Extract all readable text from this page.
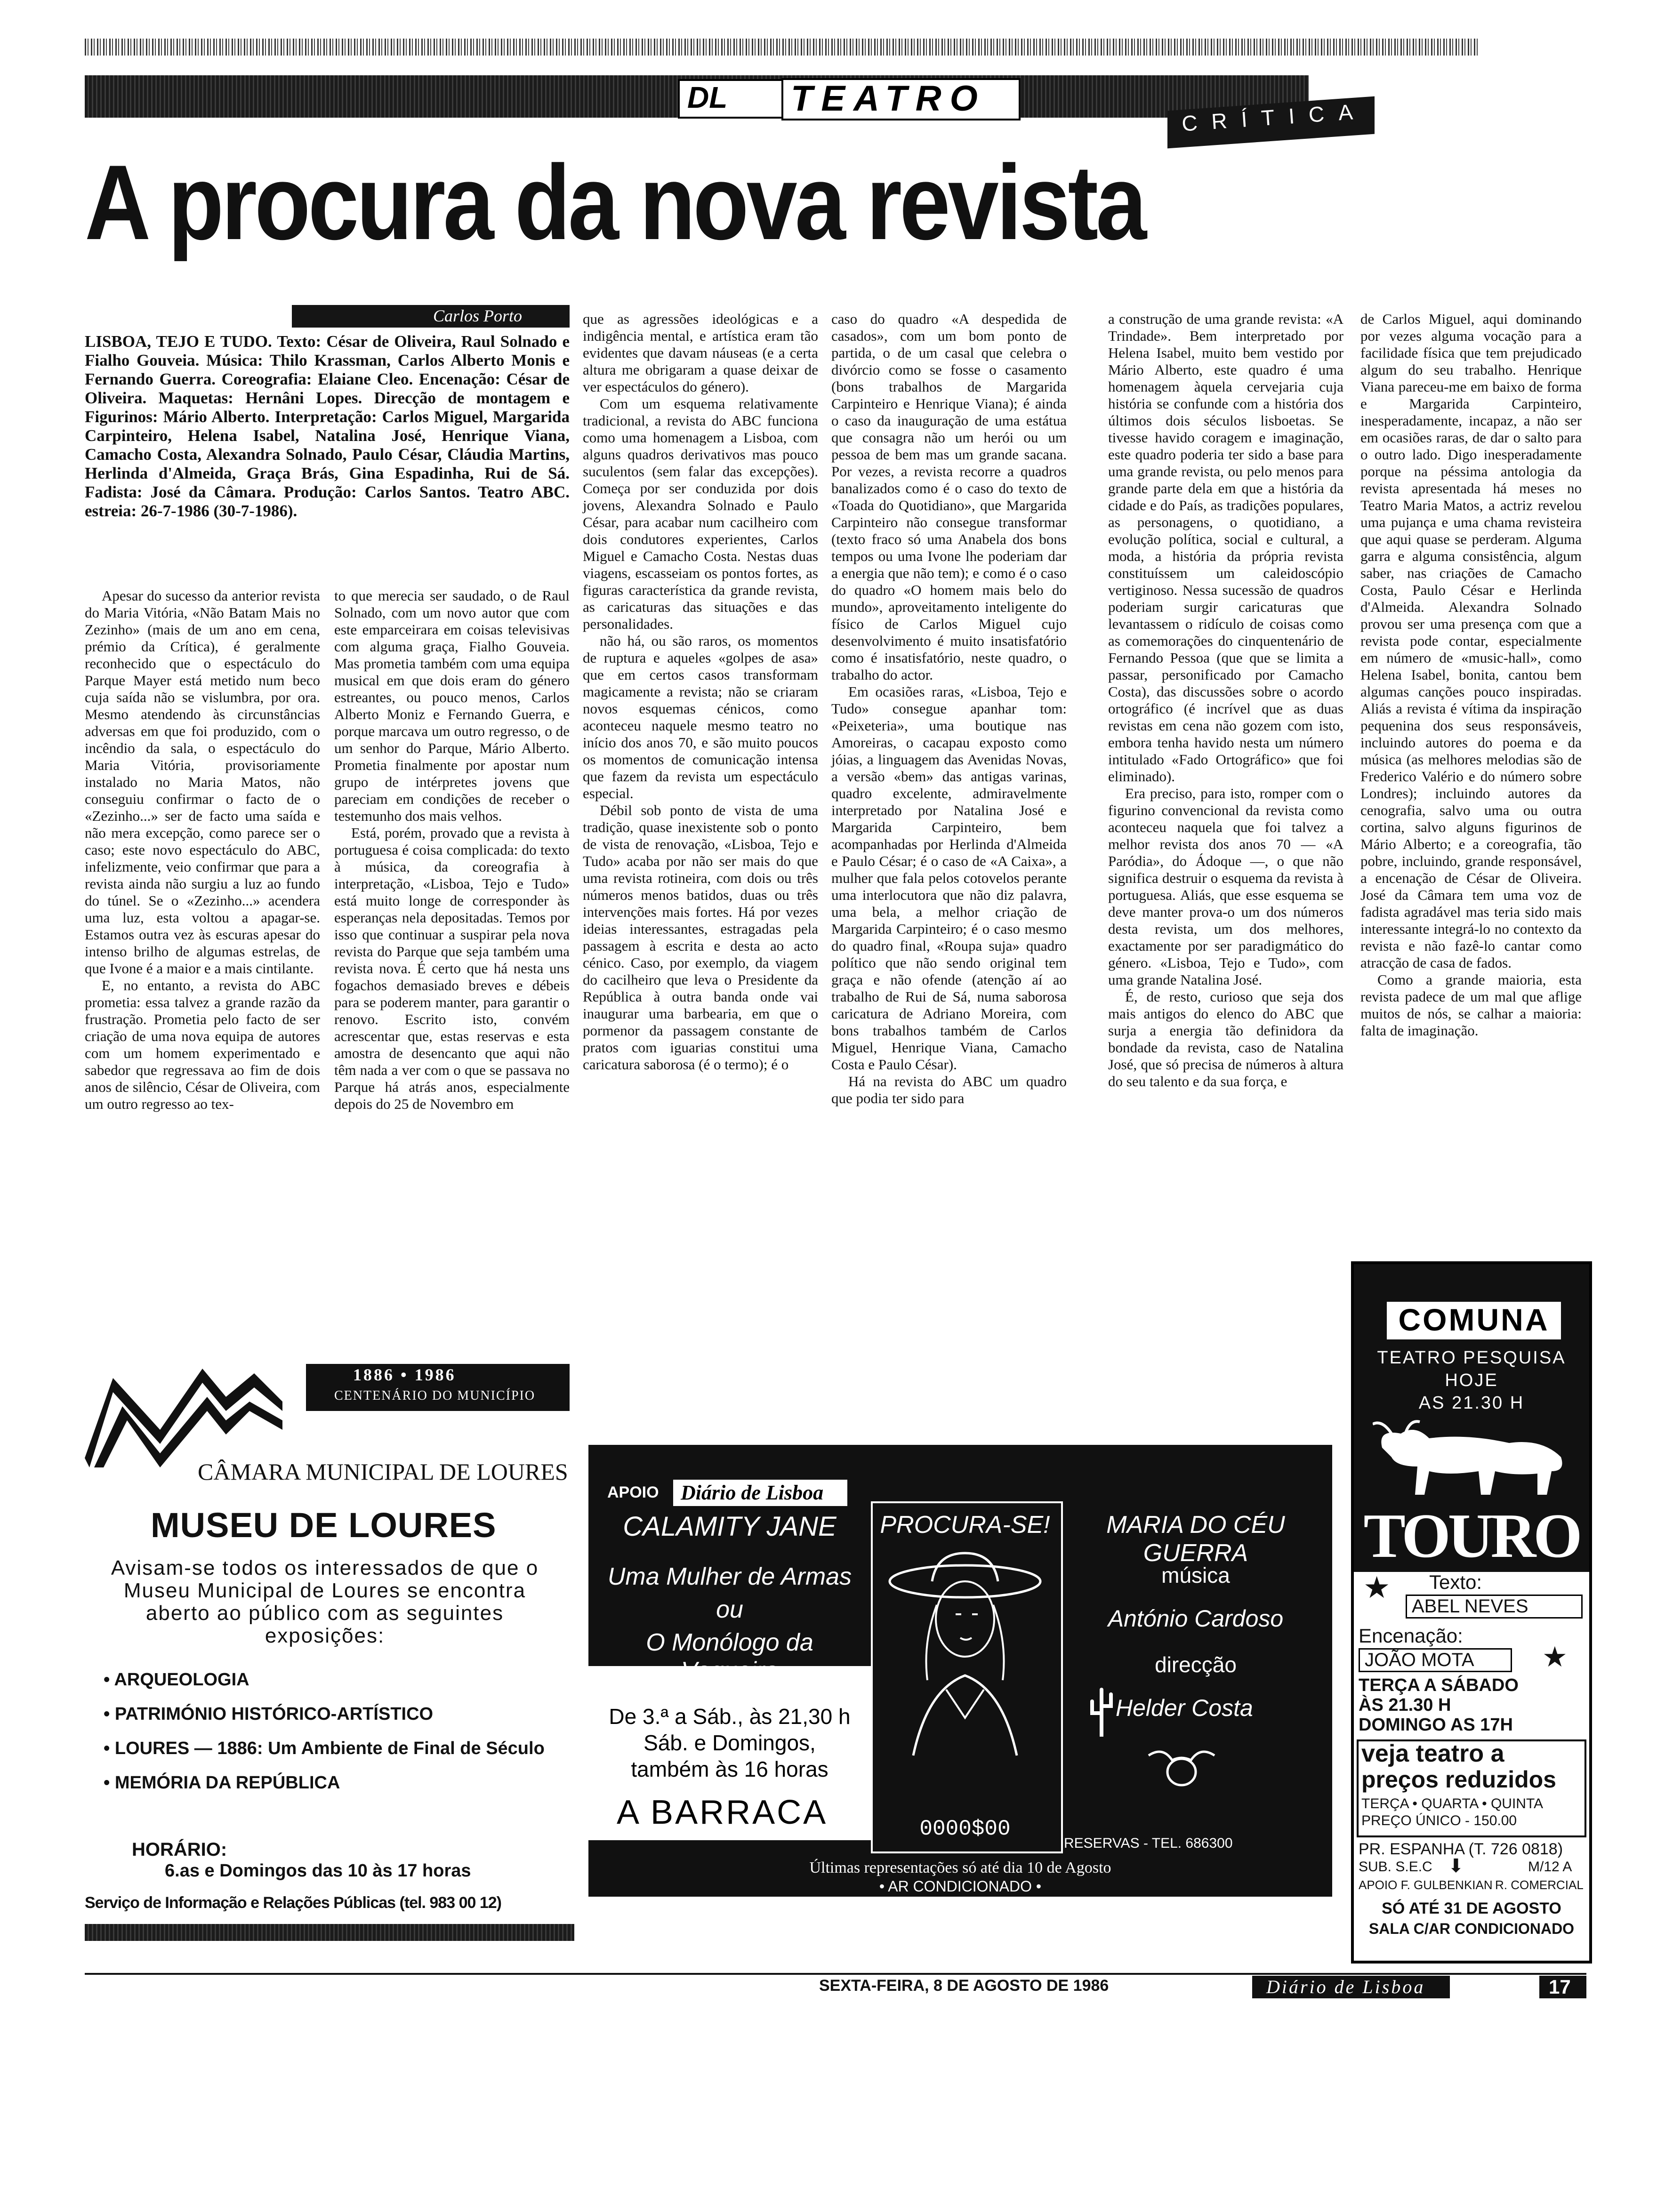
DL TEATRO	CRÍTICA
A procura da nova revista
Carlos Porto

LISBOA, TEJO E TUDO. Texto: César de Oliveira, Raul Solnado e Fialho Gouveia. Música: Thilo Krassman, Carlos Alberto Monis e Fernando Guerra. Coreografia: Elaiane Cleo. Encenação: César de Oliveira. Maquetas: Hernâni Lopes. Direcção de montagem e Figurinos: Mário Alberto. Interpretação: Carlos Miguel, Margarida Carpinteiro, Helena Isabel, Natalina José, Henrique Viana, Camacho Costa, Alexandra Solnado, Paulo César, Cláudia Martins, Herlinda d'Almeida, Graça Brás, Gina Espadinha, Rui de Sá. Fadista: José da Câmara. Produção: Carlos Santos. Teatro ABC. estreia: 26-7-1986 (30-7-1986).

Apesar do sucesso da anterior revista do Maria Vitória, «Não Batam Mais no Zezinho» (mais de um ano em cena, prémio da Crítica), é geralmente reconhecido que o espectáculo do Parque Mayer está metido num beco cuja saída não se vislumbra, por ora. Mesmo atendendo às circunstâncias adversas em que foi produzido, com o incêndio da sala, o espectáculo do Maria Vitória, provisoriamente instalado no Maria Matos, não conseguiu confirmar o facto de o «Zezinho...» ser de facto uma saída e não mera excepção, como parece ser o caso; este novo espectáculo do ABC, infelizmente, veio confirmar que para a revista ainda não surgiu a luz ao fundo do túnel. Se o «Zezinho...» acendera uma luz, esta voltou a apagar-se. Estamos outra vez às escuras apesar do intenso brilho de algumas estrelas, de que Ivone é a maior e a mais cintilante.

E, no entanto, a revista do ABC prometia: essa talvez a grande razão da frustração. Prometia pelo facto de ser criação de uma nova equipa de autores com um homem experimentado e sabedor que regressava ao fim de dois anos de silêncio, César de Oliveira, com um outro regresso ao tex-

to que merecia ser saudado, o de Raul Solnado, com um novo autor que com este emparceirara em coisas televisivas com alguma graça, Fialho Gouveia. Mas prometia também com uma equipa musical em que dois eram do género estreantes, ou pouco menos, Carlos Alberto Moniz e Fernando Guerra, e porque marcava um outro regresso, o de um senhor do Parque, Mário Alberto. Prometia finalmente por apostar num grupo de intérpretes jovens que pareciam em condições de receber o testemunho dos mais velhos.

Está, porém, provado que a revista à portuguesa é coisa complicada: do texto à música, da coreografia à interpretação, «Lisboa, Tejo e Tudo» está muito longe de corresponder às esperanças nela depositadas. Temos por isso que continuar a suspirar pela nova revista do Parque que seja também uma revista nova. É certo que há nesta uns fogachos demasiado breves e débeis para se poderem manter, para garantir o renovo. Escrito isto, convém acrescentar que, estas reservas e esta amostra de desencanto que aqui não têm nada a ver com o que se passava no Parque há atrás anos, especialmente depois do 25 de Novembro em

que as agressões ideológicas e a indigência mental, e artística eram tão evidentes que davam náuseas (e a certa altura me obrigaram a quase deixar de ver espectáculos do género).

Com um esquema relativamente tradicional, a revista do ABC funciona como uma homenagem a Lisboa, com alguns quadros derivativos mas pouco suculentos (sem falar das excepções). Começa por ser conduzida por dois jovens, Alexandra Solnado e Paulo César, para acabar num cacilheiro com dois condutores experientes, Carlos Miguel e Camacho Costa. Nestas duas viagens, escasseiam os pontos fortes, as figuras característica da grande revista, as caricaturas das situações e das personalidades.

não há, ou são raros, os momentos de ruptura e aqueles «golpes de asa» que em certos casos transformam magicamente a revista; não se criaram novos esquemas cénicos, como aconteceu naquele mesmo teatro no início dos anos 70, e são muito poucos os momentos de comunicação intensa que fazem da revista um espectáculo especial.

Débil sob ponto de vista de uma tradição, quase inexistente sob o ponto de vista de renovação, «Lisboa, Tejo e Tudo» acaba por não ser mais do que uma revista rotineira, com dois ou três números menos batidos, duas ou três intervenções mais fortes. Há por vezes ideias interessantes, estragadas pela passagem à escrita e desta ao acto cénico. Caso, por exemplo, da viagem do cacilheiro que leva o Presidente da República à outra banda onde vai inaugurar uma barbearia, em que o pormenor da passagem constante de pratos com iguarias constitui uma caricatura saborosa (é o termo); é o

caso do quadro «A despedida de casados», com um bom ponto de partida, o de um casal que celebra o divórcio como se fosse o casamento (bons trabalhos de Margarida Carpinteiro e Henrique Viana); é ainda o caso da inauguração de uma estátua que consagra não um herói ou um pessoa de bem mas um grande sacana. Por vezes, a revista recorre a quadros banalizados como é o caso do texto de «Toada do Quotidiano», que Margarida Carpinteiro não consegue transformar (texto fraco só uma Anabela dos bons tempos ou uma Ivone lhe poderiam dar a energia que não tem); e como é o caso do quadro «O homem mais belo do mundo», aproveitamento inteligente do físico de Carlos Miguel cujo desenvolvimento é muito insatisfatório como é insatisfatório, neste quadro, o trabalho do actor.

Em ocasiões raras, «Lisboa, Tejo e Tudo» consegue apanhar tom: «Peixeteria», uma boutique nas Amoreiras, o cacapau exposto como jóias, a linguagem das Avenidas Novas, a versão «bem» das antigas varinas, quadro excelente, admiravelmente interpretado por Natalina José e Margarida Carpinteiro, bem acompanhadas por Herlinda d'Almeida e Paulo César; é o caso de «A Caixa», a mulher que fala pelos cotovelos perante uma interlocutora que não diz palavra, uma bela, a melhor criação de Margarida Carpinteiro; é o caso mesmo do quadro final, «Roupa suja» quadro político que não sendo original tem graça e não ofende (atenção aí ao trabalho de Rui de Sá, numa saborosa caricatura de Adriano Moreira, com bons trabalhos também de Carlos Miguel, Henrique Viana, Camacho Costa e Paulo César).

Há na revista do ABC um quadro que podia ter sido para

a construção de uma grande revista: «A Trindade». Bem interpretado por Helena Isabel, muito bem vestido por Mário Alberto, este quadro é uma homenagem àquela cervejaria cuja história se confunde com a história dos últimos dois séculos lisboetas. Se tivesse havido coragem e imaginação, este quadro poderia ter sido a base para uma grande revista, ou pelo menos para grande parte dela em que a história da cidade e do País, as tradições populares, as personagens, o quotidiano, a evolução política, social e cultural, a moda, a história da própria revista constituíssem um caleidoscópio vertiginoso. Nessa sucessão de quadros poderiam surgir caricaturas que levantassem o ridículo de coisas como as comemorações do cinquentenário de Fernando Pessoa (que que se limita a passar, personificado por Camacho Costa), das discussões sobre o acordo ortográfico (é incrível que as duas revistas em cena não gozem com isto, embora tenha havido nesta um número intitulado «Fado Ortográfico» que foi eliminado).

Era preciso, para isto, romper com o figurino convencional da revista como aconteceu naquela que foi talvez a melhor revista dos anos 70 — «A Paródia», do Ádoque —, o que não significa destruir o esquema da revista à portuguesa. Aliás, que esse esquema se deve manter prova-o um dos números desta revista, um dos melhores, exactamente por ser paradigmático do género. «Lisboa, Tejo e Tudo», com uma grande Natalina José.

É, de resto, curioso que seja dos mais antigos do elenco do ABC que surja a energia tão definidora da bondade da revista, caso de Natalina José, que só precisa de números à altura do seu talento e da sua força, e

de Carlos Miguel, aqui dominando por vezes alguma vocação para a facilidade física que tem prejudicado algum do seu trabalho. Henrique Viana pareceu-me em baixo de forma e Margarida Carpinteiro, inesperadamente, incapaz, a não ser em ocasiões raras, de dar o salto para o outro lado. Digo inesperadamente porque na péssima antologia da revista apresentada há meses no Teatro Maria Matos, a actriz revelou uma pujança e uma chama revisteira que aqui quase se perderam. Alguma garra e alguma consistência, algum saber, nas criações de Camacho Costa, Paulo César e Herlinda d'Almeida. Alexandra Solnado provou ser uma presença com que a revista pode contar, especialmente em número de «music-hall», como Helena Isabel, bonita, cantou bem algumas canções pouco inspiradas. Aliás a revista é vítima da inspiração pequenina dos seus responsáveis, incluindo autores do poema e da música (as melhores melodias são de Frederico Valério e do número sobre Londres); incluindo autores da cenografia, salvo uma ou outra cortina, salvo alguns figurinos de Mário Alberto; e a coreografia, tão pobre, incluindo, grande responsável, a encenação de César de Oliveira. José da Câmara tem uma voz de fadista agradável mas teria sido mais interessante integrá-lo no contexto da revista e não fazê-lo cantar como atracção de casa de fados.

Como a grande maioria, esta revista padece de um mal que aflige muitos de nós, se calhar a maioria: falta de imaginação.

1886 • 1986
CENTENÁRIO DO MUNICÍPIO
CÂMARA MUNICIPAL DE LOURES
MUSEU DE LOURES
Avisam-se todos os interessados de que o Museu Municipal de Loures se encontra aberto ao público com as seguintes exposições:
• ARQUEOLOGIA
• PATRIMÓNIO HISTÓRICO-ARTÍSTICO
• LOURES — 1886: Um Ambiente de Final de Século
• MEMÓRIA DA REPÚBLICA
HORÁRIO:
6.as e Domingos das 10 às 17 horas
Serviço de Informação e Relações Públicas (tel. 983 00 12)
APOIO Diário de Lisboa
CALAMITY JANE
Uma Mulher de Armas
ou
O Monólogo da
PROCURA-SE!
0000$00
MARIA DO CÉU GUERRA
música
António Cardoso
direcção
Helder Costa
De 3.ª a Sáb., às 21,30 h
Sáb. e Domingos,
também às 16 horas
A BARRACA
RESERVAS - TEL. 686300
Últimas representações só até dia 10 de Agosto
• AR CONDICIONADO •
COMUNA
TEATRO PESQUISA
HOJE
AS 21.30 H
TOURO
★ Texto:
ABEL NEVES
Encenação:
JOÃO MOTA	★
TERÇA A SÁBADO
ÀS 21.30 H
DOMINGO AS 17H
veja teatro a
preços reduzidos
TERÇA • QUARTA • QUINTA
PREÇO ÚNICO - 150.00
PR. ESPANHA (T. 726 0818)
SUB. S.E.C ⬇	M/12 A
APOIO F. GULBENKIAN R. COMERCIAL
SÓ ATÉ 31 DE AGOSTO
SALA C/AR CONDICIONADO
SEXTA-FEIRA, 8 DE AGOSTO DE 1986	Diário de Lisboa	17
